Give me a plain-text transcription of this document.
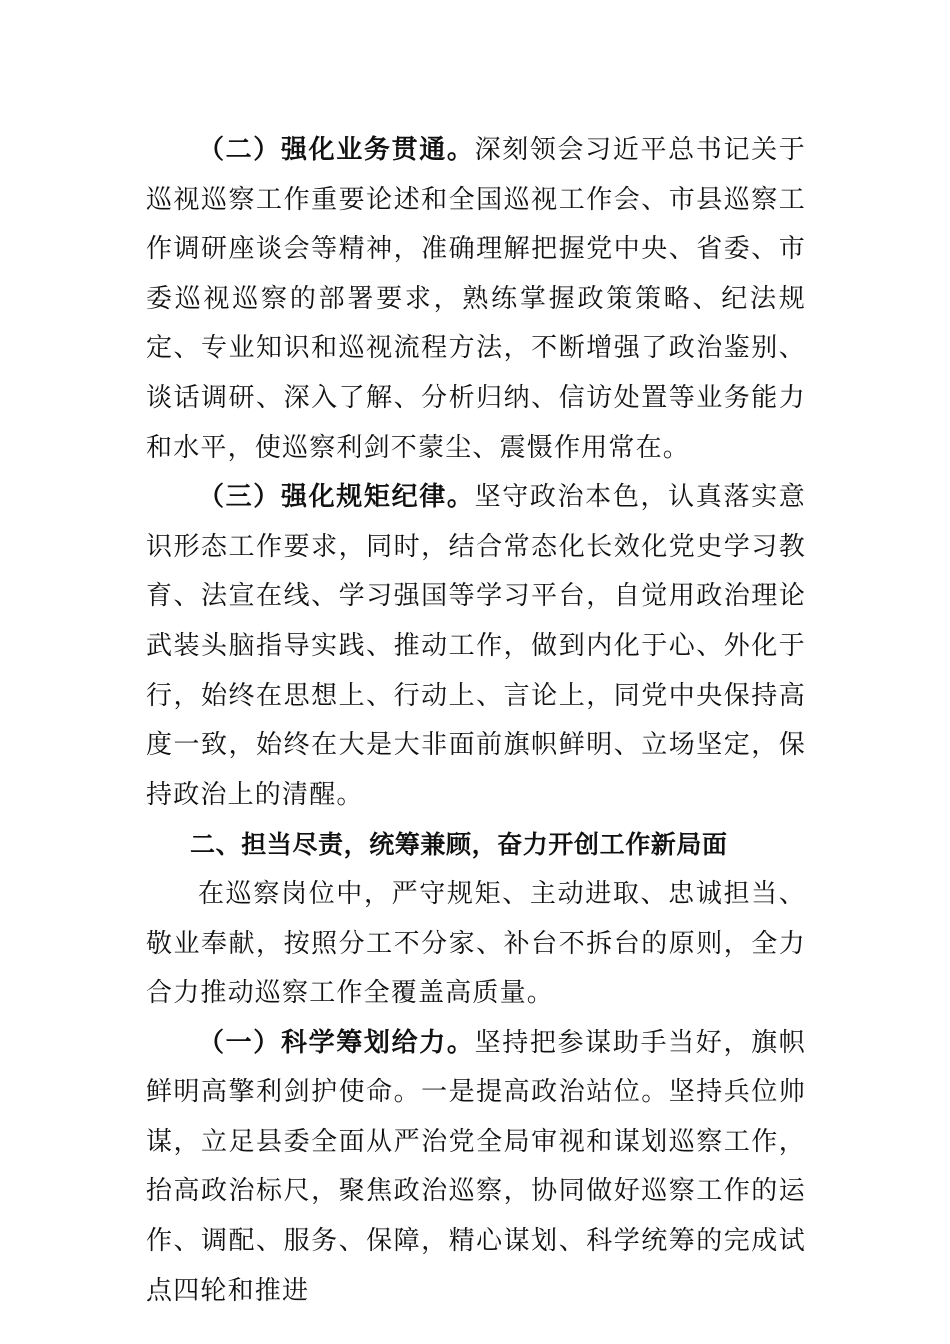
（二）强化业务贯通。深刻领会习近平总书记关于巡视巡察工作重要论述和全国巡视工作会、市县巡察工作调研座谈会等精神，准确理解把握党中央、省委、市委巡视巡察的部署要求，熟练掌握政策策略、纪法规定、专业知识和巡视流程方法，不断增强了政治鉴别、谈话调研、深入了解、分析归纳、信访处置等业务能力和水平，使巡察利剑不蒙尘、震慑作用常在。

（三）强化规矩纪律。坚守政治本色，认真落实意识形态工作要求，同时，结合常态化长效化党史学习教育、法宣在线、学习强国等学习平台，自觉用政治理论武装头脑指导实践、推动工作，做到内化于心、外化于行，始终在思想上、行动上、言论上，同党中央保持高度一致，始终在大是大非面前旗帜鲜明、立场坚定，保持政治上的清醒。

二、担当尽责，统筹兼顾，奋力开创工作新局面

在巡察岗位中，严守规矩、主动进取、忠诚担当、敬业奉献，按照分工不分家、补台不拆台的原则，全力合力推动巡察工作全覆盖高质量。

（一）科学筹划给力。坚持把参谋助手当好，旗帜鲜明高擎利剑护使命。一是提高政治站位。坚持兵位帅谋，立足县委全面从严治党全局审视和谋划巡察工作，抬高政治标尺，聚焦政治巡察，协同做好巡察工作的运作、调配、服务、保障，精心谋划、科学统筹的完成试点四轮和推进
